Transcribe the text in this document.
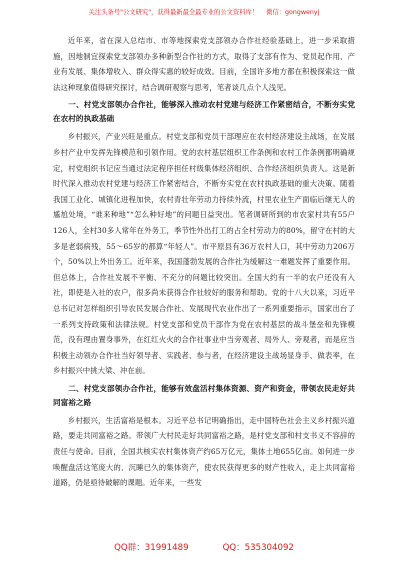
关注头条号"公文研究"，获得最新最全最专业的公文资料库！ 微信：gongwenyj

近年来，省在深入总结市、市等地探索党支部领办合作社经验基础上，进一步采取措施，因地制宜探索党支部领办多种新型合作社的方式，取得了支部有作为、党员起作用、产业有发展、集体增收入、群众得实惠的较好成效。目前，全国许多地方都在积极探索这一做法这种现象值得研究探讨，结合调研观察与思考，笔者谈几点个人浅见。

一、村党支部领办合作社，能够深入推动农村党建与经济工作紧密结合，不断夯实党在农村的执政基础

乡村振兴，产业兴旺是重点。村党支部和党员干部理应在农村经济建设主战场，在发展乡村产业中发挥先锋模范和引领作用。党的农村基层组织工作条例和农村工作条例都明确规定，村党组织书记应当通过法定程序担任村级集体经济组织、合作经济组织负责人。这是新时代深入推动农村党建与经济工作紧密结合，不断夯实党在农村执政基础的重大决策。随着我国工业化、城镇化进程加快，农村青壮年劳动力持续外流，村里农业生产面临后继无人的尴尬处境，“谁来种地”“怎么种好地”的问题日益突出。笔者调研所到的市农家村共有55户126人，全村30多人常年在外务工，季节性外出打工的占全村劳动力的80%，留守在村的大多是老弱病残，55～65岁的都算“年轻人”。市平原县有36万农村人口，其中劳动力206万个，50%以上外出务工。近年来，我国蓬勃发展的合作社为缓解这一难题发挥了重要作用。但总体上，合作社发展不平衡、不充分的问题比较突出。全国大约有一半的农户还没有入社，即使是入社的农户，很多尚未获得合作社较好的服务和帮助。党的十八大以来，习近平总书记对怎样组织引导农民发展合作社、发展现代农业作出了一系列重要指示，国家出台了一系列支持政策和法律法规。村党支部和党员干部作为党在农村基层的战斗堡垒和先锋模范，没有理由置身事外，在红红火火的合作社事业中当旁观者、局外人、旁观者，而是应当积极主动领办合作社当好领导者、实践者、参与者，在经济建设主战场显身手、做表率，在乡村振兴中挑大梁、冲在前。

二、村党支部领办合作社，能够有效盘活村集体资源、资产和资金，带领农民走好共同富裕之路

乡村振兴，生活富裕是根本。习近平总书记明确指出，走中国特色社会主义乡村振兴道路，要走共同富裕之路。带领广大村民走好共同富裕之路，是村党支部和村支书义不容辞的责任与使命。目前，全国共核实农村集体资产约65万亿元，集体土地655亿亩。如何进一步唤醒盘活这笔庞大的、沉睡已久的集体资产，使农民获得更多的财产性收入，走上共同富裕道路，仍是亟待破解的课题。近年来，一些发

QQ群：31991489	QQ：535304092
